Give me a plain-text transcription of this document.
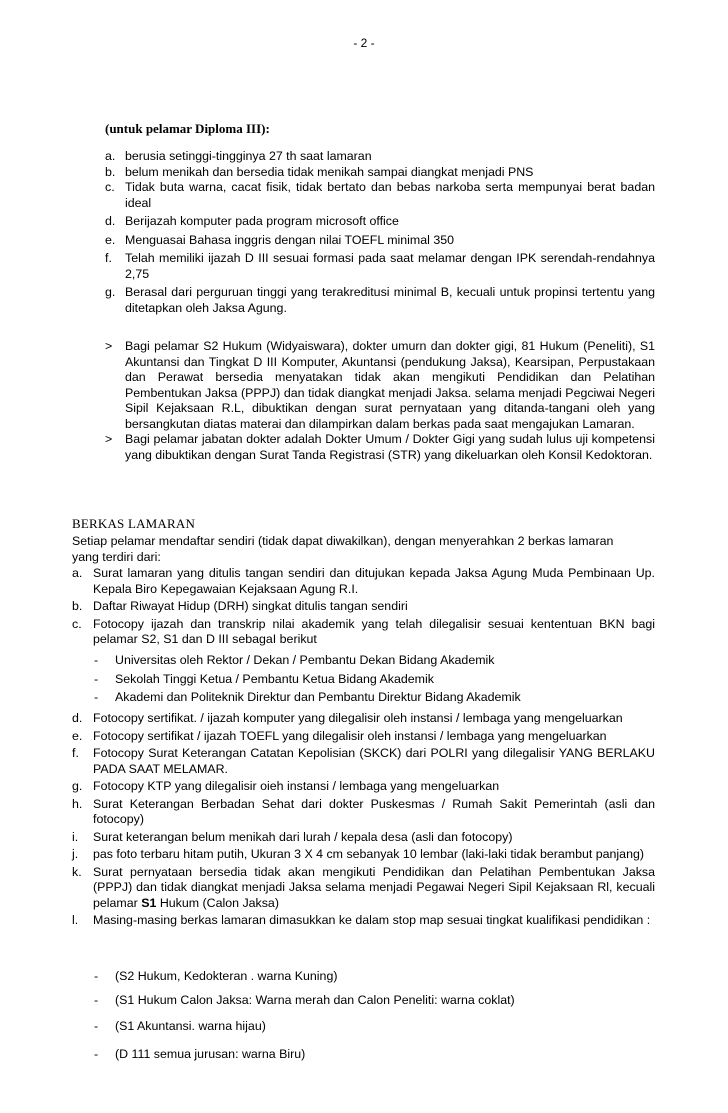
- 2 -
(untuk pelamar Diploma III):
a. berusia setinggi-tingginya 27 th saat lamaran
b. belum menikah dan bersedia tidak menikah sampai diangkat menjadi PNS
c. Tidak buta warna, cacat fisik, tidak bertato dan bebas narkoba serta mempunyai berat badan ideal
d. Berijazah komputer pada program microsoft office
e. Menguasai Bahasa inggris dengan nilai TOEFL minimal 350
f. Telah memiliki ijazah D III sesuai formasi pada saat melamar dengan IPK serendah-rendahnya 2,75
g. Berasal dari perguruan tinggi yang terakreditusi minimal B, kecuali untuk propinsi tertentu yang ditetapkan oleh Jaksa Agung.
> Bagi pelamar S2 Hukum (Widyaiswara), dokter umurn dan dokter gigi, 81 Hukum (Peneliti), S1 Akuntansi dan Tingkat D III Komputer, Akuntansi (pendukung Jaksa), Kearsipan, Perpustakaan dan Perawat bersedia menyatakan tidak akan mengikuti Pendidikan dan Pelatihan Pembentukan Jaksa (PPPJ) dan tidak diangkat menjadi Jaksa. selama menjadi Pegciwai Negeri Sipil Kejaksaan R.L, dibuktikan dengan surat pernyataan yang ditanda-tangani oleh yang bersangkutan diatas materai dan dilampirkan dalam berkas pada saat mengajukan Lamaran.
> Bagi pelamar jabatan dokter adalah Dokter Umum / Dokter Gigi yang sudah lulus uji kompetensi yang dibuktikan dengan Surat Tanda Registrasi (STR) yang dikeluarkan oleh Konsil Kedoktoran.
BERKAS LAMARAN
Setiap pelamar mendaftar sendiri (tidak dapat diwakilkan), dengan menyerahkan 2 berkas lamaran yang terdiri dari:
a. Surat lamaran yang ditulis tangan sendiri dan ditujukan kepada Jaksa Agung Muda Pembinaan Up. Kepala Biro Kepegawaian Kejaksaan Agung R.I.
b. Daftar Riwayat Hidup (DRH) singkat ditulis tangan sendiri
c. Fotocopy ijazah dan transkrip nilai akademik yang telah dilegalisir sesuai kententuan BKN bagi pelamar S2, S1 dan D III sebagaI berikut
- Universitas oleh Rektor / Dekan / Pembantu Dekan Bidang Akademik
- Sekolah Tinggi Ketua / Pembantu Ketua Bidang Akademik
- Akademi dan Politeknik Direktur dan Pembantu Direktur Bidang Akademik
d. Fotocopy sertifikat. / ijazah komputer yang dilegalisir oleh instansi / lembaga yang mengeluarkan
e. Fotocopy sertifikat / ijazah TOEFL yang dilegalisir oleh instansi / lembaga yang mengeluarkan
f. Fotocopy Surat Keterangan Catatan Kepolisian (SKCK) dari POLRI yang dilegalisir YANG BERLAKU PADA SAAT MELAMAR.
g. Fotocopy KTP yang dilegalisir oieh instansi / lembaga yang mengeluarkan
h. Surat Keterangan Berbadan Sehat dari dokter Puskesmas / Rumah Sakit Pemerintah (asli dan fotocopy)
i. Surat keterangan belum menikah dari lurah / kepala desa (asli dan fotocopy)
j. pas foto terbaru hitam putih, Ukuran 3 X 4 cm sebanyak 10 lembar (laki-laki tidak berambut panjang)
k. Surat pernyataan bersedia tidak akan mengikuti Pendidikan dan Pelatihan Pembentukan Jaksa (PPPJ) dan tidak diangkat menjadi Jaksa selama menjadi Pegawai Negeri Sipil Kejaksaan Rl, kecuali pelamar S1 Hukum (Calon Jaksa)
l. Masing-masing berkas lamaran dimasukkan ke dalam stop map sesuai tingkat kualifikasi pendidikan :
- (S2 Hukum, Kedokteran . warna Kuning)
- (S1 Hukum Calon Jaksa: Warna merah dan Calon Peneliti: warna coklat)
- (S1 Akuntansi. warna hijau)
- (D 111 semua jurusan: warna Biru)
